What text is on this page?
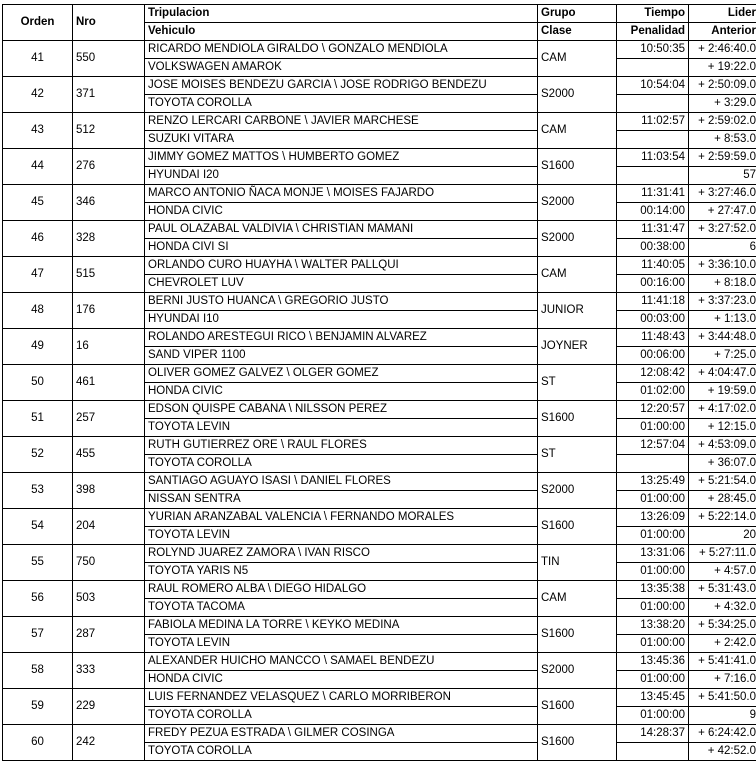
Orden	Nro	Tripulacion	Grupo	Tiempo	Lider
		Vehiculo	Clase	Penalidad	Anterior
41	550	RICARDO MENDIOLA GIRALDO \ GONZALO MENDIOLA	CAM	10:50:35	+ 2:46:40.0
		VOLKSWAGEN AMAROK			+ 19:22.0
42	371	JOSE MOISES BENDEZU GARCIA \ JOSE RODRIGO BENDEZU	S2000	10:54:04	+ 2:50:09.0
		TOYOTA COROLLA			+ 3:29.0
43	512	RENZO LERCARI CARBONE \ JAVIER MARCHESE	CAM	11:02:57	+ 2:59:02.0
		SUZUKI VITARA			+ 8:53.0
44	276	JIMMY GOMEZ MATTOS \ HUMBERTO GOMEZ	S1600	11:03:54	+ 2:59:59.0
		HYUNDAI I20			57
45	346	MARCO ANTONIO ÑACA MONJE \ MOISES FAJARDO	S2000	11:31:41	+ 3:27:46.0
		HONDA CIVIC		00:14:00	+ 27:47.0
46	328	PAUL OLAZABAL VALDIVIA \ CHRISTIAN MAMANI	S2000	11:31:47	+ 3:27:52.0
		HONDA CIVI SI		00:38:00	6
47	515	ORLANDO CURO HUAYHA \ WALTER PALLQUI	CAM	11:40:05	+ 3:36:10.0
		CHEVROLET LUV		00:16:00	+ 8:18.0
48	176	BERNI JUSTO HUANCA \ GREGORIO JUSTO	JUNIOR	11:41:18	+ 3:37:23.0
		HYUNDAI I10		00:03:00	+ 1:13.0
49	16	ROLANDO ARESTEGUI RICO \ BENJAMIN ALVAREZ	JOYNER	11:48:43	+ 3:44:48.0
		SAND VIPER 1100		00:06:00	+ 7:25.0
50	461	OLIVER GOMEZ GALVEZ \ OLGER GOMEZ	ST	12:08:42	+ 4:04:47.0
		HONDA CIVIC		01:02:00	+ 19:59.0
51	257	EDSON QUISPE CABANA \ NILSSON PEREZ	S1600	12:20:57	+ 4:17:02.0
		TOYOTA LEVIN		01:00:00	+ 12:15.0
52	455	RUTH GUTIERREZ ORE \ RAUL FLORES	ST	12:57:04	+ 4:53:09.0
		TOYOTA COROLLA			+ 36:07.0
53	398	SANTIAGO AGUAYO ISASI \ DANIEL FLORES	S2000	13:25:49	+ 5:21:54.0
		NISSAN SENTRA		01:00:00	+ 28:45.0
54	204	YURIAN ARANZABAL VALENCIA \ FERNANDO MORALES	S1600	13:26:09	+ 5:22:14.0
		TOYOTA LEVIN		01:00:00	20
55	750	ROLYND JUAREZ ZAMORA \ IVAN RISCO	TIN	13:31:06	+ 5:27:11.0
		TOYOTA YARIS N5		01:00:00	+ 4:57.0
56	503	RAUL ROMERO ALBA \ DIEGO HIDALGO	CAM	13:35:38	+ 5:31:43.0
		TOYOTA TACOMA		01:00:00	+ 4:32.0
57	287	FABIOLA MEDINA LA TORRE \ KEYKO MEDINA	S1600	13:38:20	+ 5:34:25.0
		TOYOTA LEVIN		01:00:00	+ 2:42.0
58	333	ALEXANDER HUICHO MANCCO \ SAMAEL BENDEZU	S2000	13:45:36	+ 5:41:41.0
		HONDA CIVIC		01:00:00	+ 7:16.0
59	229	LUIS FERNANDEZ VELASQUEZ \ CARLO MORRIBERON	S1600	13:45:45	+ 5:41:50.0
		TOYOTA COROLLA		01:00:00	9
60	242	FREDY PEZUA ESTRADA \ GILMER COSINGA	S1600	14:28:37	+ 6:24:42.0
		TOYOTA COROLLA			+ 42:52.0
